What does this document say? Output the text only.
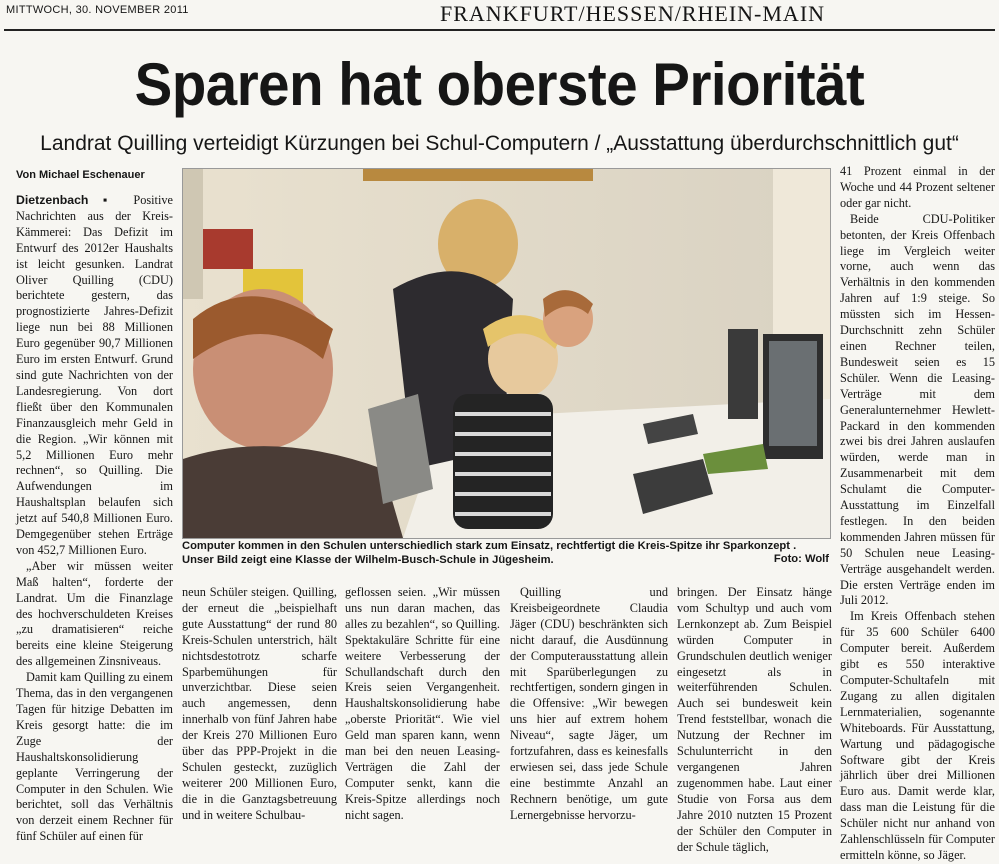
MITTWOCH, 30. NOVEMBER 2011	FRANKFURT/HESSEN/RHEIN-MAIN
Sparen hat oberste Priorität
Landrat Quilling verteidigt Kürzungen bei Schul-Computern / „Ausstattung überdurchschnittlich gut“
Von Michael Eschenauer

Dietzenbach ▪ Positive Nachrichten aus der Kreis-Kämmerei: Das Defizit im Entwurf des 2012er Haushalts ist leicht gesunken. Landrat Oliver Quilling (CDU) berichtete gestern, das prognostizierte Jahres-Defizit liege nun bei 88 Millionen Euro gegenüber 90,7 Millionen Euro im ersten Entwurf. Grund sind gute Nachrichten von der Landesregierung. Von dort fließt über den Kommunalen Finanzausgleich mehr Geld in die Region. „Wir können mit 5,2 Millionen Euro mehr rechnen“, so Quilling. Die Aufwendungen im Haushaltsplan belaufen sich jetzt auf 540,8 Millionen Euro. Demgegenüber stehen Erträge von 452,7 Millionen Euro.

„Aber wir müssen weiter Maß halten“, forderte der Landrat. Um die Finanzlage des hochverschuldeten Kreises „zu dramatisieren“ reiche bereits eine kleine Steigerung des allgemeinen Zinsniveaus.

Damit kam Quilling zu einem Thema, das in den vergangenen Tagen für hitzige Debatten im Kreis gesorgt hatte: die im Zuge der Haushaltskonsolidierung geplante Verringerung der Computer in den Schulen. Wie berichtet, soll das Verhältnis von derzeit einem Rechner für fünf Schüler auf einen für

Computer kommen in den Schulen unterschiedlich stark zum Einsatz, rechtfertigt die Kreis-Spitze ihr Sparkonzept . Unser Bild zeigt eine Klasse der Wilhelm-Busch-Schule in Jügesheim.	Foto: Wolf

neun Schüler steigen. Quilling, der erneut die „beispielhaft gute Ausstattung“ der rund 80 Kreis-Schulen unterstrich, hält nichtsdestotrotz scharfe Sparbemühungen für unverzichtbar. Diese seien auch angemessen, denn innerhalb von fünf Jahren habe der Kreis 270 Millionen Euro über das PPP-Projekt in die Schulen gesteckt, zuzüglich weiterer 200 Millionen Euro, die in die Ganztagsbetreuung und in weitere Schulbau-

geflossen seien. „Wir müssen uns nun daran machen, das alles zu bezahlen“, so Quilling. Spektakuläre Schritte für eine weitere Verbesserung der Schullandschaft durch den Kreis seien Vergangenheit. Haushaltskonsolidierung habe „oberste Priorität“. Wie viel Geld man sparen kann, wenn man bei den neuen Leasing-Verträgen die Zahl der Computer senkt, kann die Kreis-Spitze allerdings noch nicht sagen.

Quilling und Kreisbeigeordnete Claudia Jäger (CDU) beschränkten sich nicht darauf, die Ausdünnung der Computerausstattung allein mit Sparüberlegungen zu rechtfertigen, sondern gingen in die Offensive: „Wir bewegen uns hier auf extrem hohem Niveau“, sagte Jäger, um fortzufahren, dass es keinesfalls erwiesen sei, dass jede Schule eine bestimmte Anzahl an Rechnern benötige, um gute Lernergebnisse hervorzu-

bringen. Der Einsatz hänge vom Schultyp und auch vom Lernkonzept ab. Zum Beispiel würden Computer in Grundschulen deutlich weniger eingesetzt als in weiterführenden Schulen. Auch sei bundesweit kein Trend feststellbar, wonach die Nutzung der Rechner im Schulunterricht in den vergangenen Jahren zugenommen habe. Laut einer Studie von Forsa aus dem Jahre 2010 nutzten 15 Prozent der Schüler den Computer in der Schule täglich,

41 Prozent einmal in der Woche und 44 Prozent seltener oder gar nicht.

Beide CDU-Politiker betonten, der Kreis Offenbach liege im Vergleich weiter vorne, auch wenn das Verhältnis in den kommenden Jahren auf 1:9 steige. So müssten sich im Hessen-Durchschnitt zehn Schüler einen Rechner teilen, Bundesweit seien es 15 Schüler. Wenn die Leasing-Verträge mit dem Generalunternehmer Hewlett-Packard in den kommenden zwei bis drei Jahren auslaufen würden, werde man in Zusammenarbeit mit dem Schulamt die Computer-Ausstattung im Einzelfall festlegen. In den beiden kommenden Jahren müssen für 50 Schulen neue Leasing-Verträge ausgehandelt werden. Die ersten Verträge enden im Juli 2012.

Im Kreis Offenbach stehen für 35 600 Schüler 6400 Computer bereit. Außerdem gibt es 550 interaktive Computer-Schultafeln mit Zugang zu allen digitalen Lernmaterialien, sogenannte Whiteboards. Für Ausstattung, Wartung und pädagogische Software gibt der Kreis jährlich über drei Millionen Euro aus. Damit werde klar, dass man die Leistung für die Schüler nicht nur anhand von Zahlenschlüsseln für Computer ermitteln könne, so Jäger.
